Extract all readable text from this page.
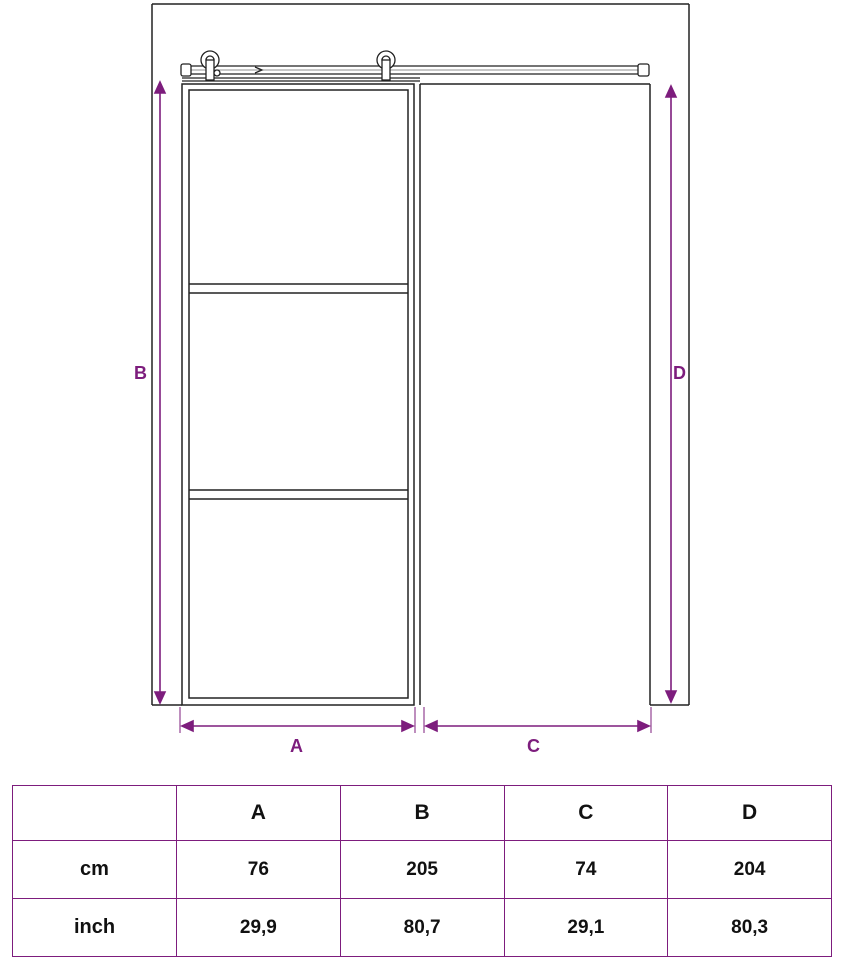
B	D
A	C
	A	B	C	D
cm	76	205	74	204
inch	29,9	80,7	29,1	80,3
